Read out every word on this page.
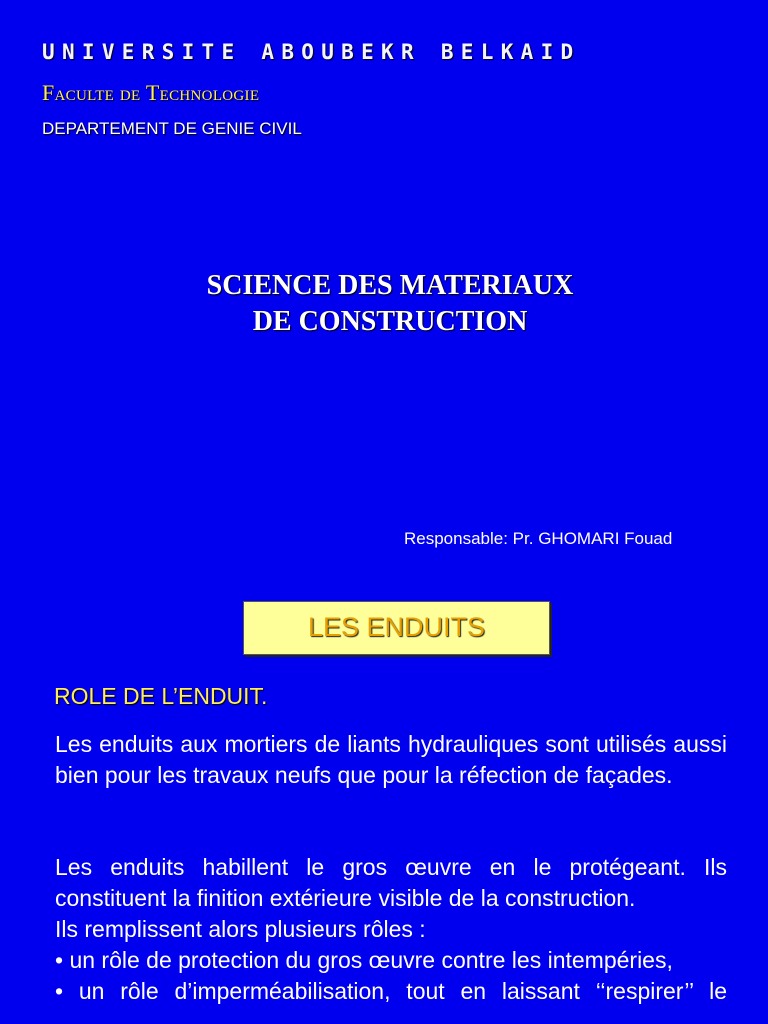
UNIVERSITE ABOUBEKR BELKAID
Faculte de Technologie
DEPARTEMENT DE GENIE CIVIL
SCIENCE DES MATERIAUX
DE CONSTRUCTION
Responsable: Pr. GHOMARI Fouad
LES ENDUITS
ROLE DE L’ENDUIT.
Les enduits aux mortiers de liants hydrauliques sont utilisés aussi bien pour les travaux neufs que pour la réfection de façades.
Les enduits habillent le gros œuvre en le protégeant. Ils constituent la finition extérieure visible de la construction.
Ils remplissent alors plusieurs rôles :
• un rôle de protection du gros œuvre contre les intempéries,
• un rôle d’imperméabilisation, tout en laissant ‘‘respirer’’ le
